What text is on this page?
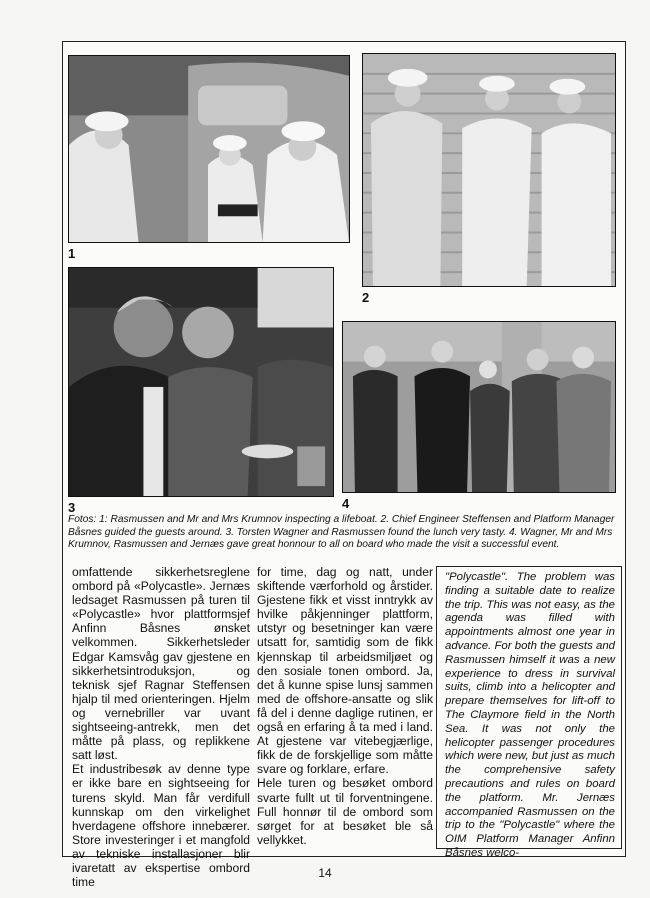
1
2
3	4
Fotos: 1: Rasmussen and Mr and Mrs Krumnov inspecting a lifeboat. 2. Chief Engineer Steffensen and Platform Manager Båsnes guided the guests around. 3. Torsten Wagner and Rasmussen found the lunch very tasty. 4. Wagner, Mr and Mrs Krumnov, Rasmussen and Jernæs gave great honnour to all on board who made the visit a successful event.

omfattende sikkerhetsreglene ombord på «Polycastle». Jernæs ledsaget Rasmussen på turen til «Polycastle» hvor plattformsjef Anfinn Båsnes ønsket velkommen. Sikkerhetsleder Edgar Kamsvåg gav gjestene en sikkerhetsintroduksjon, og teknisk sjef Ragnar Steffensen hjalp til med orienteringen. Hjelm og vernebriller var uvant sightseeing-antrekk, men det måtte på plass, og replikkene satt løst.

Et industribesøk av denne type er ikke bare en sightseeing for turens skyld. Man får verdifull kunnskap om den virkelighet hverdagene offshore innebærer. Store investeringer i et mangfold av tekniske installasjoner blir ivaretatt av ekspertise ombord time

for time, dag og natt, under skiftende værforhold og årstider. Gjestene fikk et visst inntrykk av hvilke påkjenninger plattform, utstyr og besetninger kan være utsatt for, samtidig som de fikk kjennskap til arbeidsmiljøet og den sosiale tonen ombord. Ja, det å kunne spise lunsj sammen med de offshore-ansatte og slik få del i denne daglige rutinen, er også en erfaring å ta med i land. At gjestene var vitebegjærlige, fikk de de forskjellige som måtte svare og forklare, erfare.

Hele turen og besøket ombord svarte fullt ut til forventningene. Full honnør til de ombord som sørget for at besøket ble så vellykket.

"Polycastle". The problem was finding a suitable date to realize the trip. This was not easy, as the agenda was filled with appointments almost one year in advance. For both the guests and Rasmussen himself it was a new experience to dress in survival suits, climb into a helicopter and prepare themselves for lift-off to The Claymore field in the North Sea. It was not only the helicopter passenger procedures which were new, but just as much the comprehensive safety precautions and rules on board the platform. Mr. Jernæs accompanied Rasmussen on the trip to the "Polycastle" where the OIM Platform Manager Anfinn Båsnes welco-

14
